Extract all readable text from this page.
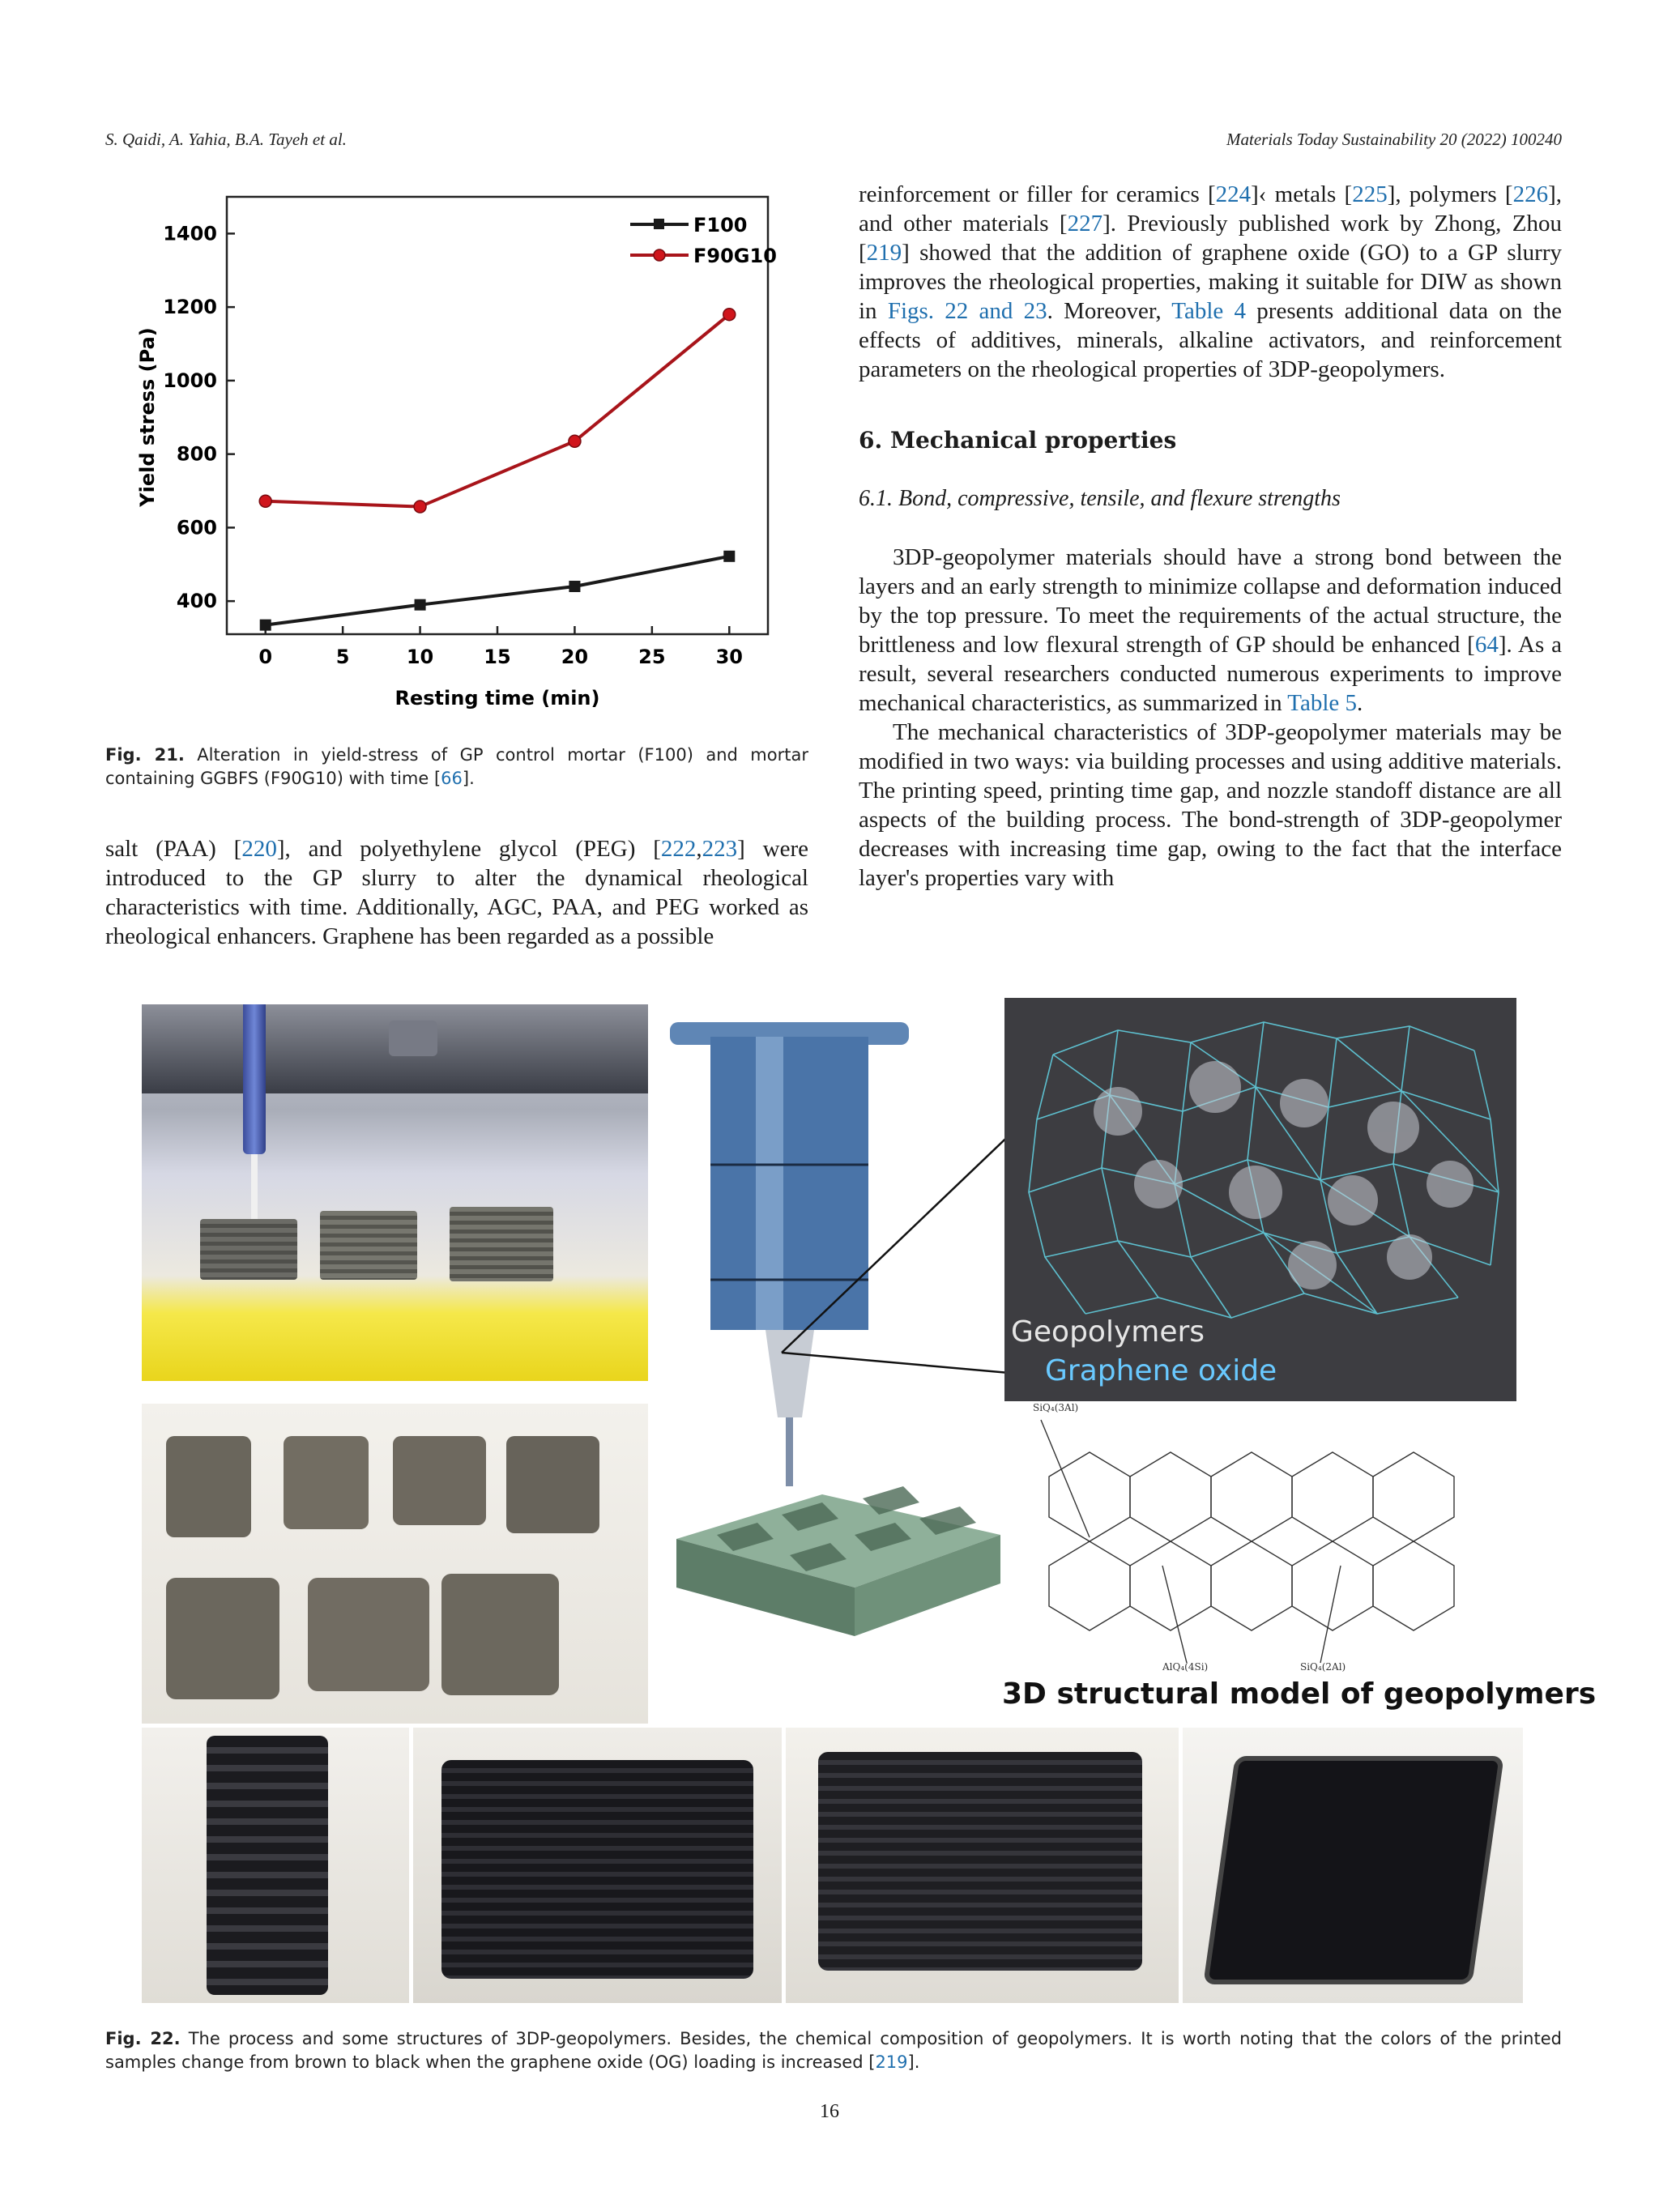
S. Qaidi, A. Yahia, B.A. Tayeh et al.	Materials Today Sustainability 20 (2022) 100240
400
600
800
1000
1200
1400
0	5	10	15	20	25	30
Resting time (min)
Yield stress (Pa)
F100
F90G10
Fig. 21. Alteration in yield-stress of GP control mortar (F100) and mortar containing GGBFS (F90G10) with time [66].

salt (PAA) [220], and polyethylene glycol (PEG) [222,223] were introduced to the GP slurry to alter the dynamical rheological characteristics with time. Additionally, AGC, PAA, and PEG worked as rheological enhancers. Graphene has been regarded as a possible

reinforcement or filler for ceramics [224]‹ metals [225], polymers [226], and other materials [227]. Previously published work by Zhong, Zhou [219] showed that the addition of graphene oxide (GO) to a GP slurry improves the rheological properties, making it suitable for DIW as shown in Figs. 22 and 23. Moreover, Table 4 presents additional data on the effects of additives, minerals, alkaline activators, and reinforcement parameters on the rheological properties of 3DP-geopolymers.

6. Mechanical properties
6.1. Bond, compressive, tensile, and flexure strengths

3DP-geopolymer materials should have a strong bond between the layers and an early strength to minimize collapse and deformation induced by the top pressure. To meet the requirements of the actual structure, the brittleness and low flexural strength of GP should be enhanced [64]. As a result, several researchers conducted numerous experiments to improve mechanical characteristics, as summarized in Table 5.

The mechanical characteristics of 3DP-geopolymer materials may be modified in two ways: via building processes and using additive materials. The printing speed, printing time gap, and nozzle standoff distance are all aspects of the building process. The bond-strength of 3DP-geopolymer decreases with increasing time gap, owing to the fact that the interface layer's properties vary with

Geopolymers
Graphene oxide
SiQ₄(3Al)
AlQ₄(4Si)	SiQ₄(2Al)
3D structural model of geopolymers
Fig. 22. The process and some structures of 3DP-geopolymers. Besides, the chemical composition of geopolymers. It is worth noting that the colors of the printed samples change from brown to black when the graphene oxide (OG) loading is increased [219].
16
